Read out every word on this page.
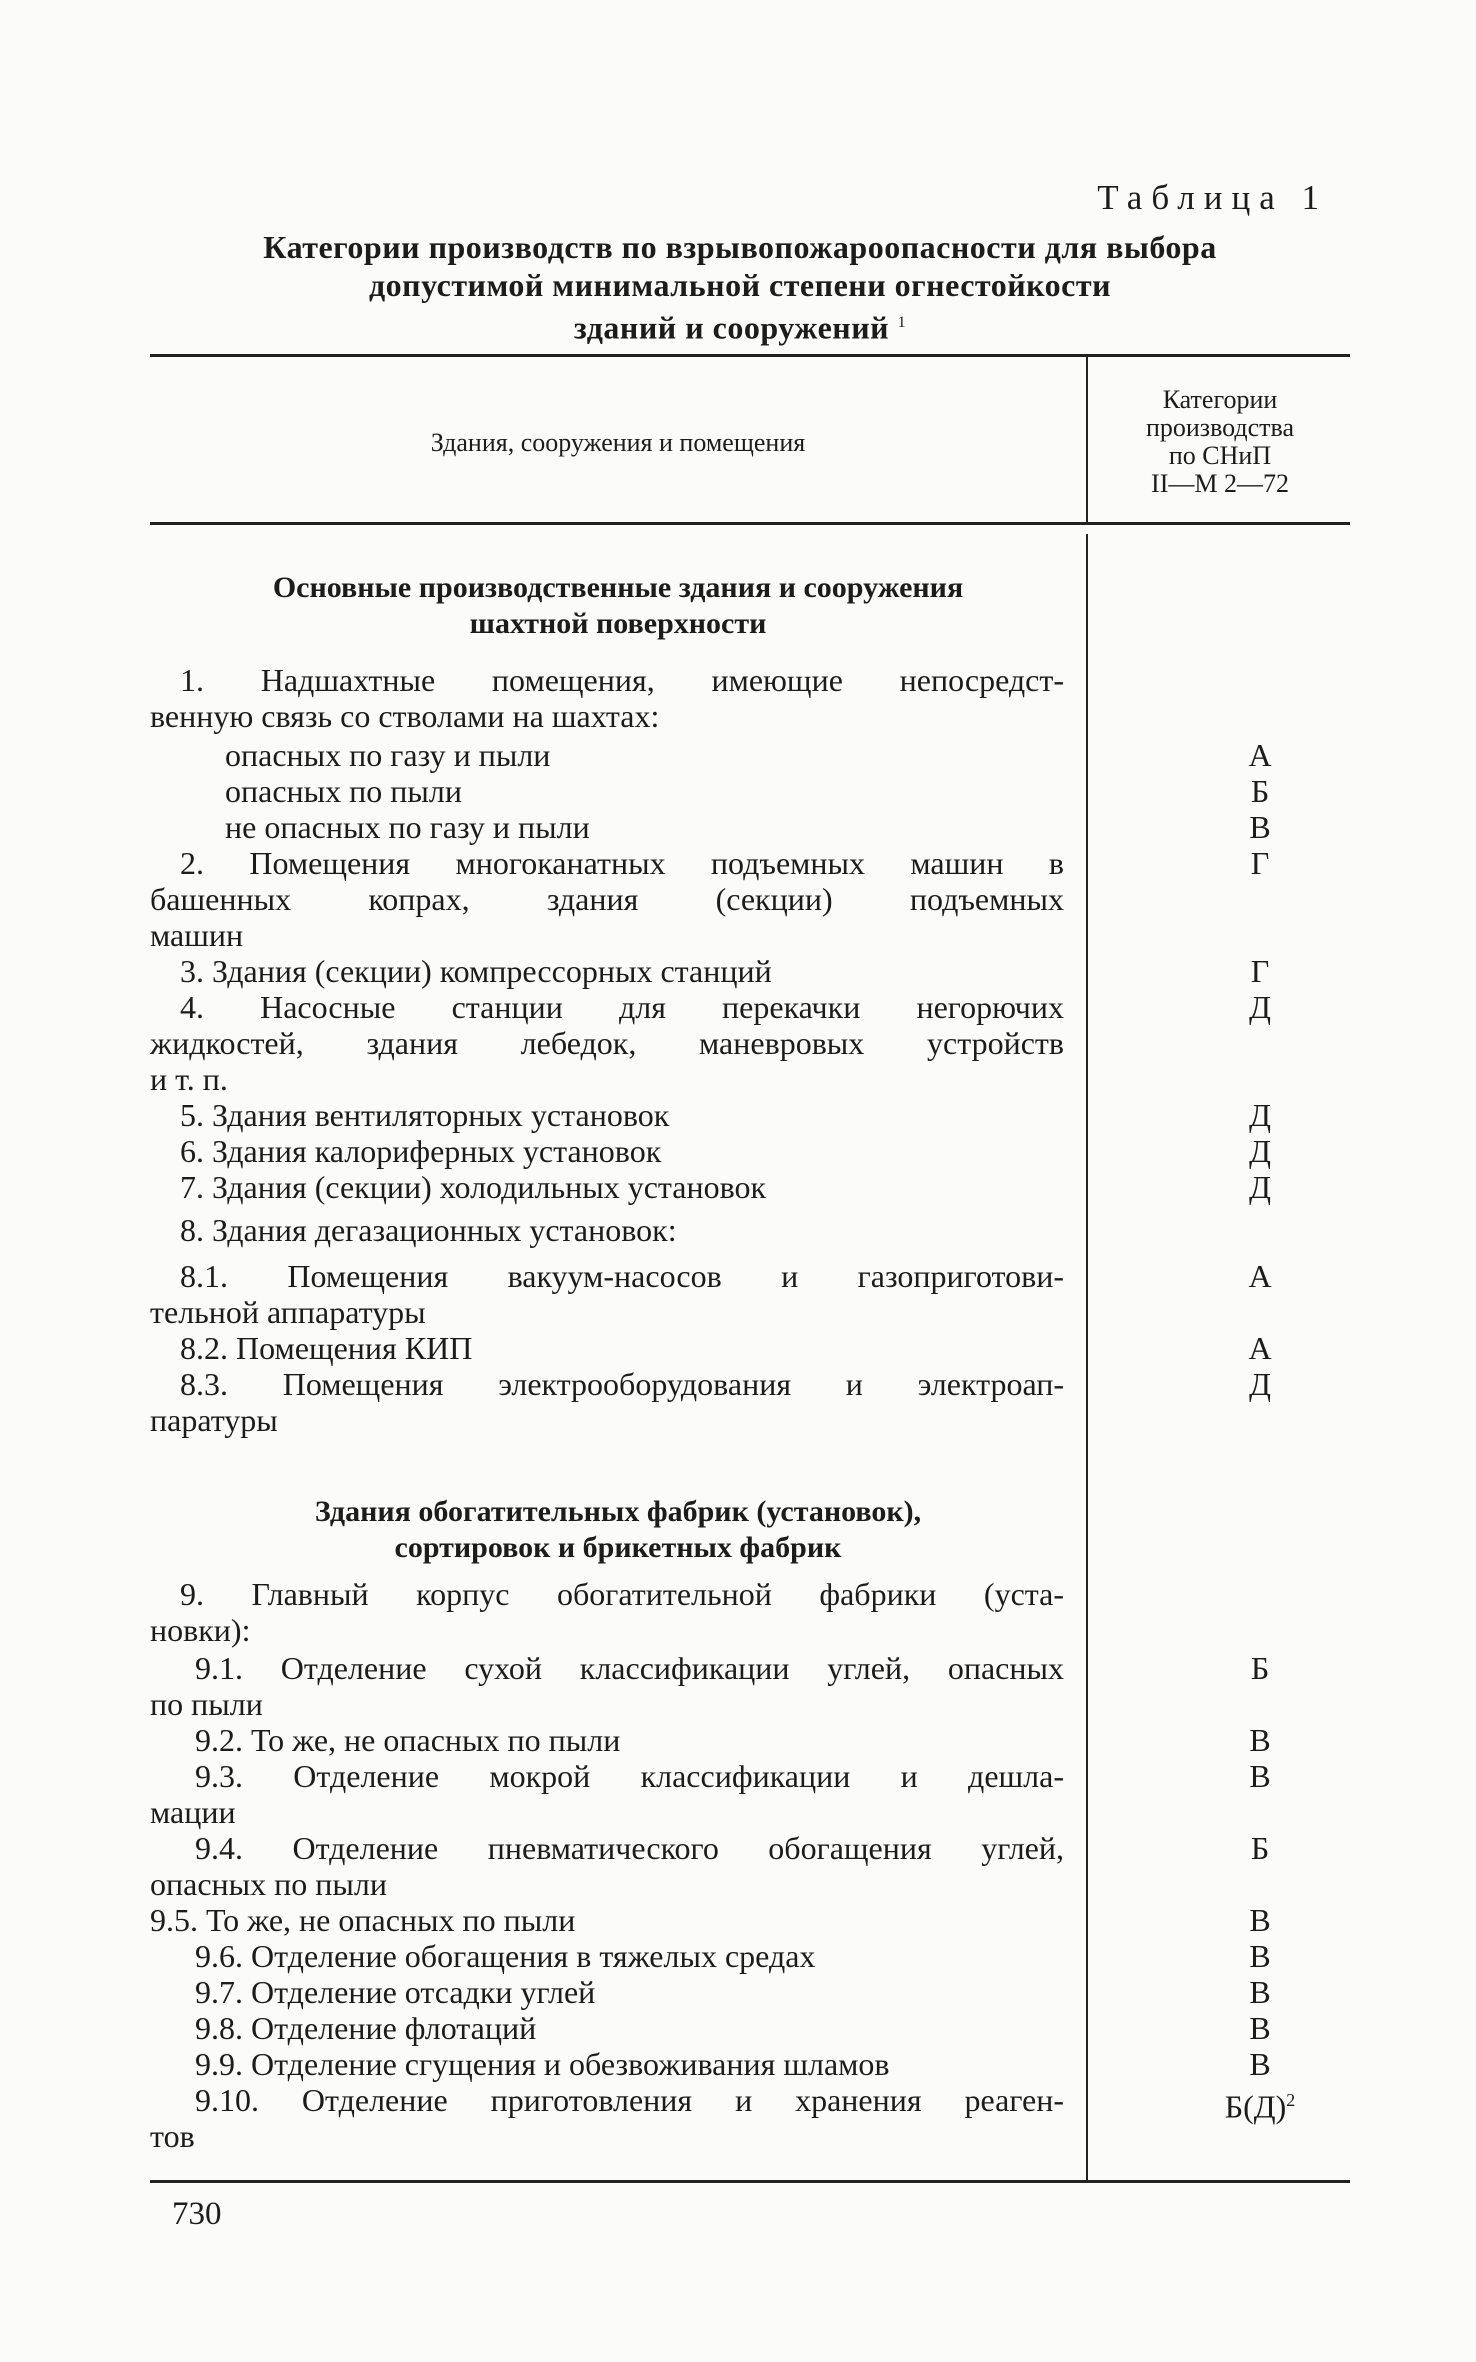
Таблица 1
Категории производств по взрывопожароопасности для выбора
допустимой минимальной степени огнестойкости
зданий и сооружений $^1$
Здания, сооружения и помещения
Категории
производства
по СНиП
II—М 2—72
Основные производственные здания и сооружения
шахтной поверхности
Здания обогатительных фабрик (установок),
сортировок и брикетных фабрик
1. Надшахтные помещения, имеющие непосредст-
венную связь со стволами на шахтах:
опасных по газу и пыли	А
опасных по пыли	Б
не опасных по газу и пыли	В
2. Помещения многоканатных подъемных машин в	Г
башенных копрах, здания (секции) подъемных
машин
3. Здания (секции) компрессорных станций	Г
4. Насосные станции для перекачки негорючих	Д
жидкостей, здания лебедок, маневровых устройств
и т. п.
5. Здания вентиляторных установок	Д
6. Здания калориферных установок	Д
7. Здания (секции) холодильных установок	Д
8. Здания дегазационных установок:
8.1. Помещения вакуум-насосов и газоприготови-	А
тельной аппаратуры
8.2. Помещения КИП	А
8.3. Помещения электрооборудования и электроап-	Д
паратуры
9. Главный корпус обогатительной фабрики (уста-
новки):
9.1. Отделение сухой классификации углей, опасных	Б
по пыли
9.2. То же, не опасных по пыли	В
9.3. Отделение мокрой классификации и дешла-	В
мации
9.4. Отделение пневматического обогащения углей,	Б
опасных по пыли
9.5. То же, не опасных по пыли	В
9.6. Отделение обогащения в тяжелых средах	В
9.7. Отделение отсадки углей	В
9.8. Отделение флотаций	В
9.9. Отделение сгущения и обезвоживания шламов	В
9.10. Отделение приготовления и хранения реаген-	$Б(Д)^2$
тов
730
